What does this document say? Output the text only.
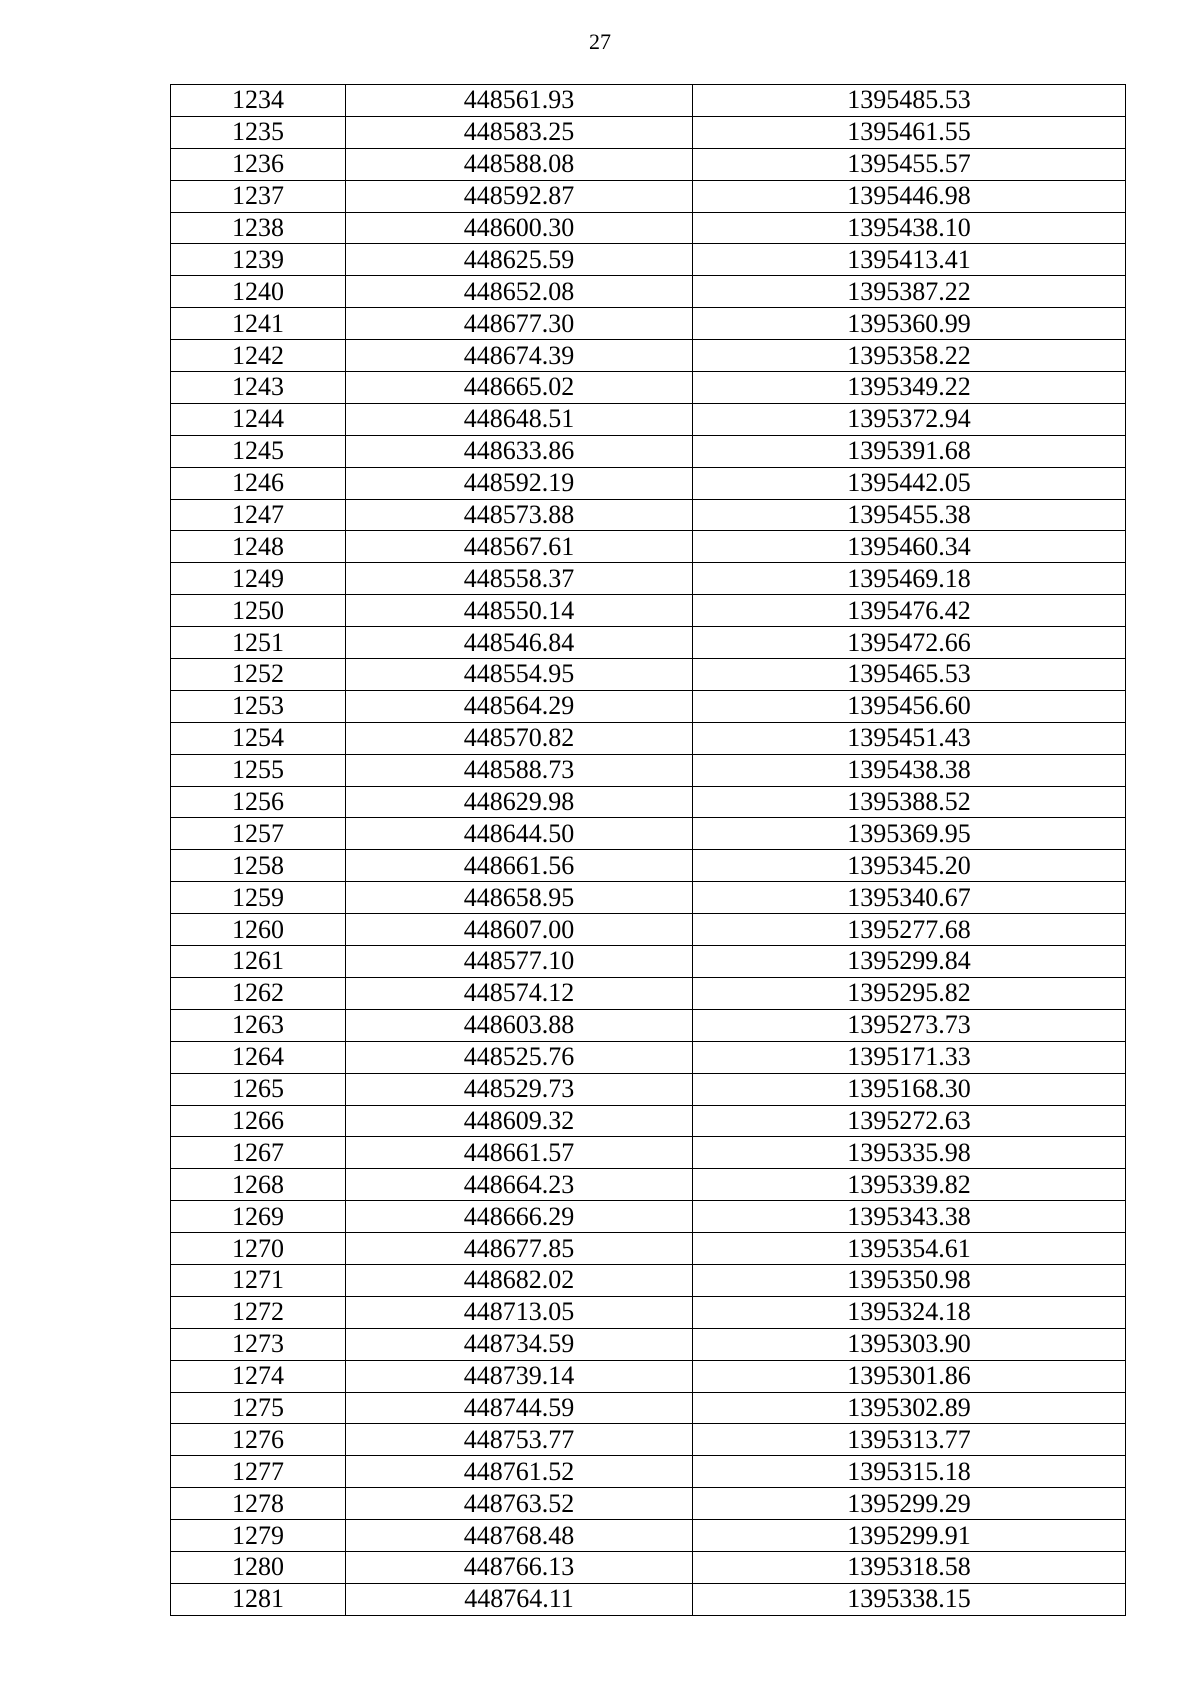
27
1234	448561.93	1395485.53
1235	448583.25	1395461.55
1236	448588.08	1395455.57
1237	448592.87	1395446.98
1238	448600.30	1395438.10
1239	448625.59	1395413.41
1240	448652.08	1395387.22
1241	448677.30	1395360.99
1242	448674.39	1395358.22
1243	448665.02	1395349.22
1244	448648.51	1395372.94
1245	448633.86	1395391.68
1246	448592.19	1395442.05
1247	448573.88	1395455.38
1248	448567.61	1395460.34
1249	448558.37	1395469.18
1250	448550.14	1395476.42
1251	448546.84	1395472.66
1252	448554.95	1395465.53
1253	448564.29	1395456.60
1254	448570.82	1395451.43
1255	448588.73	1395438.38
1256	448629.98	1395388.52
1257	448644.50	1395369.95
1258	448661.56	1395345.20
1259	448658.95	1395340.67
1260	448607.00	1395277.68
1261	448577.10	1395299.84
1262	448574.12	1395295.82
1263	448603.88	1395273.73
1264	448525.76	1395171.33
1265	448529.73	1395168.30
1266	448609.32	1395272.63
1267	448661.57	1395335.98
1268	448664.23	1395339.82
1269	448666.29	1395343.38
1270	448677.85	1395354.61
1271	448682.02	1395350.98
1272	448713.05	1395324.18
1273	448734.59	1395303.90
1274	448739.14	1395301.86
1275	448744.59	1395302.89
1276	448753.77	1395313.77
1277	448761.52	1395315.18
1278	448763.52	1395299.29
1279	448768.48	1395299.91
1280	448766.13	1395318.58
1281	448764.11	1395338.15
